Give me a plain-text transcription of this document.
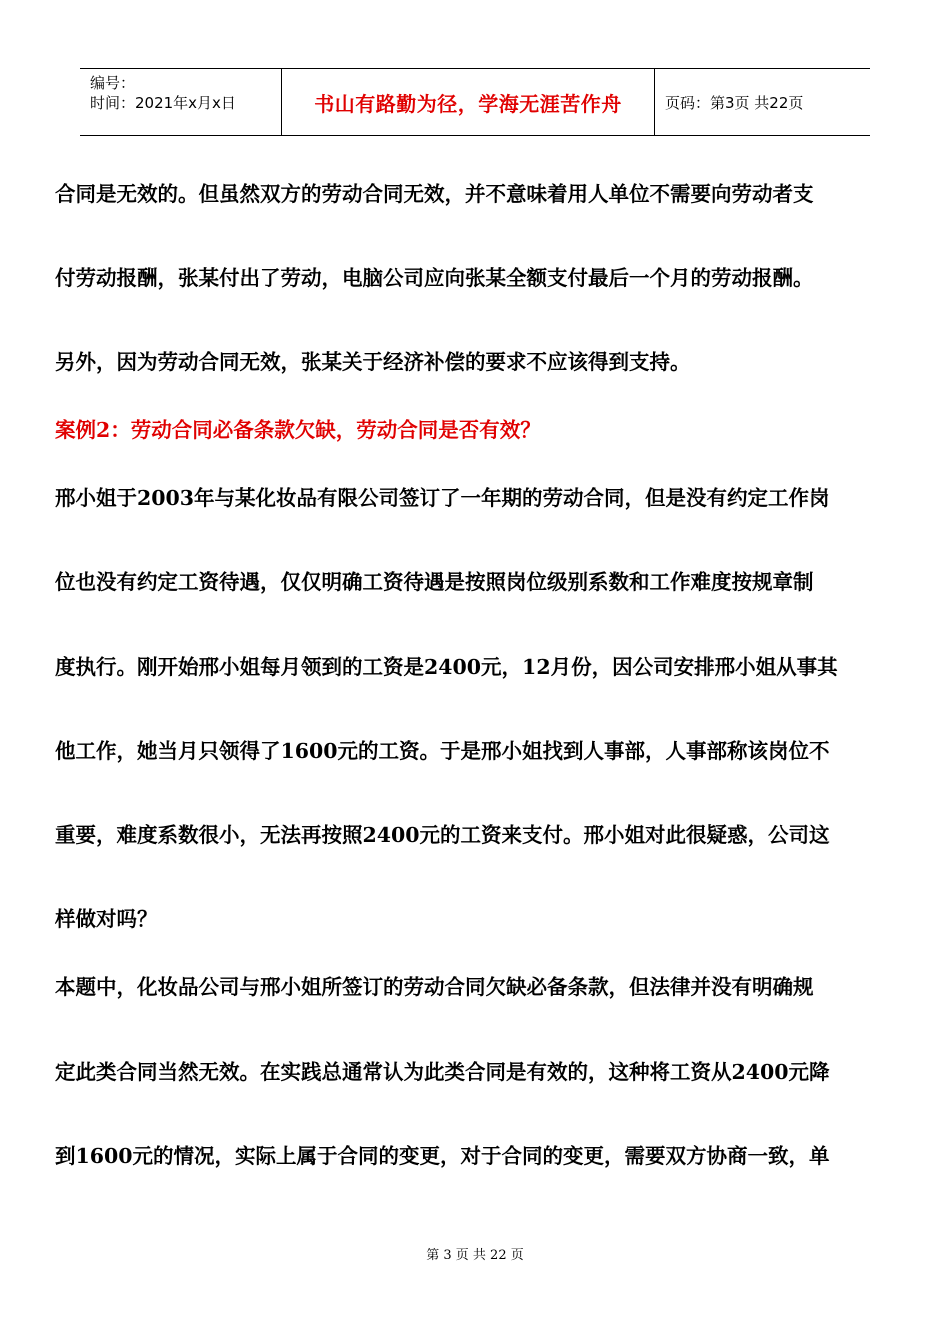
编号：
时间：2021年x月x日	书山有路勤为径，学海无涯苦作舟	页码：第3页 共22页
合同是无效的。但虽然双方的劳动合同无效，并不意味着用人单位不需要向劳动者支
付劳动报酬，张某付出了劳动，电脑公司应向张某全额支付最后一个月的劳动报酬。
另外，因为劳动合同无效，张某关于经济补偿的要求不应该得到支持。
案例2：劳动合同必备条款欠缺，劳动合同是否有效？
邢小姐于2003年与某化妆品有限公司签订了一年期的劳动合同，但是没有约定工作岗
位也没有约定工资待遇，仅仅明确工资待遇是按照岗位级别系数和工作难度按规章制
度执行。刚开始邢小姐每月领到的工资是2400元，12月份，因公司安排邢小姐从事其
他工作，她当月只领得了1600元的工资。于是邢小姐找到人事部，人事部称该岗位不
重要，难度系数很小，无法再按照2400元的工资来支付。邢小姐对此很疑惑，公司这
样做对吗？
本题中，化妆品公司与邢小姐所签订的劳动合同欠缺必备条款，但法律并没有明确规
定此类合同当然无效。在实践总通常认为此类合同是有效的，这种将工资从2400元降
到1600元的情况，实际上属于合同的变更，对于合同的变更，需要双方协商一致，单
第 3 页 共 22 页
